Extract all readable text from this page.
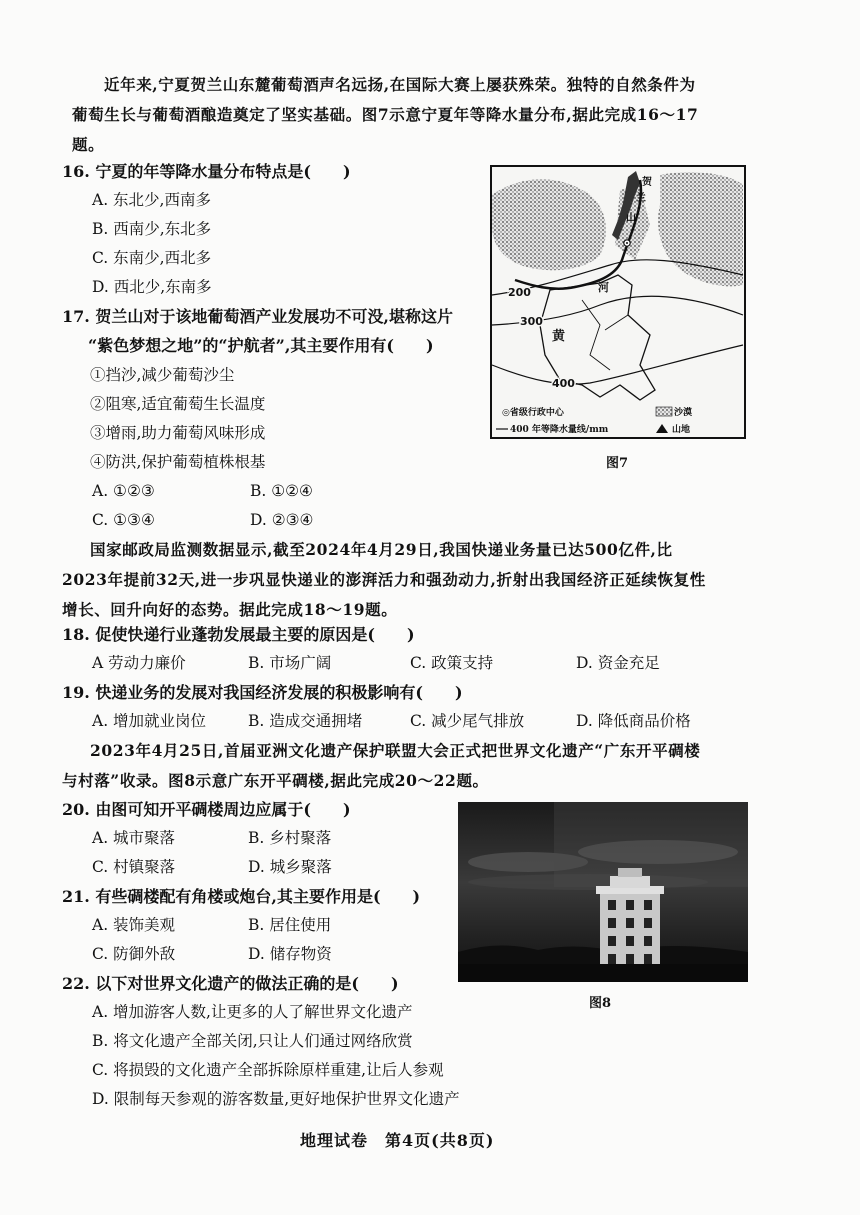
近年来,宁夏贺兰山东麓葡萄酒声名远扬,在国际大赛上屡获殊荣。独特的自然条件为
葡萄生长与葡萄酒酿造奠定了坚实基础。图7示意宁夏年等降水量分布,据此完成16～17
题。
16. 宁夏的年等降水量分布特点是(　　)
A. 东北少,西南多
B. 西南少,东北多
C. 东南少,西北多
D. 西北少,东南多
17. 贺兰山对于该地葡萄酒产业发展功不可没,堪称这片
“紫色梦想之地”的“护航者”,其主要作用有(　　)
①挡沙,减少葡萄沙尘
②阻寒,适宜葡萄生长温度
③增雨,助力葡萄风味形成
④防洪,保护葡萄植株根基
A. ①②③	B. ①②④
C. ①③④	D. ②③④
200
300
400
黄
河
贺
兰
山
◎省级行政中心	沙漠
400 年等降水量线/mm	山地
图7
国家邮政局监测数据显示,截至2024年4月29日,我国快递业务量已达500亿件,比
2023年提前32天,进一步巩显快递业的澎湃活力和强劲动力,折射出我国经济正延续恢复性
增长、回升向好的态势。据此完成18～19题。
18. 促使快递行业蓬勃发展最主要的原因是(　　)
A 劳动力廉价	B. 市场广阔	C. 政策支持	D. 资金充足
19. 快递业务的发展对我国经济发展的积极影响有(　　)
A. 增加就业岗位	B. 造成交通拥堵	C. 减少尾气排放	D. 降低商品价格
2023年4月25日,首届亚洲文化遗产保护联盟大会正式把世界文化遗产“广东开平碉楼
与村落”收录。图8示意广东开平碉楼,据此完成20～22题。
20. 由图可知开平碉楼周边应属于(　　)
A. 城市聚落	B. 乡村聚落
C. 村镇聚落	D. 城乡聚落
21. 有些碉楼配有角楼或炮台,其主要作用是(　　)
A. 装饰美观	B. 居住使用
C. 防御外敌	D. 储存物资
22. 以下对世界文化遗产的做法正确的是(　　)
A. 增加游客人数,让更多的人了解世界文化遗产
B. 将文化遗产全部关闭,只让人们通过网络欣赏
C. 将损毁的文化遗产全部拆除原样重建,让后人参观
D. 限制每天参观的游客数量,更好地保护世界文化遗产
图8
地理试卷　第4页(共8页)
